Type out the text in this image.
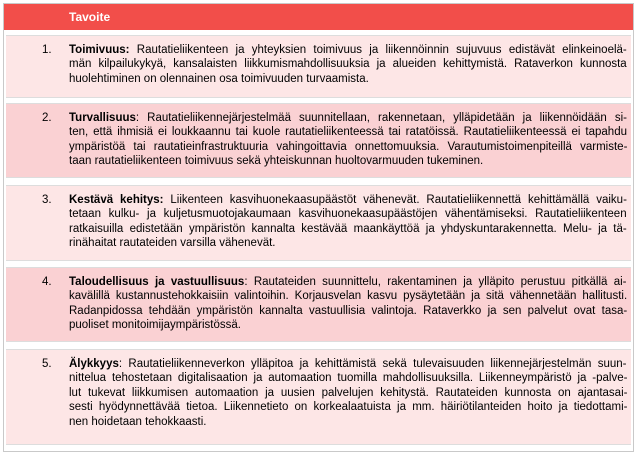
Tavoite
1. Toimivuus: Rautatieliikenteen ja yhteyksien toimivuus ja liikennöinnin sujuvuus edistävät elinkeinoelä-
män kilpailukykyä, kansalaisten liikkumismahdollisuuksia ja alueiden kehittymistä. Rataverkon kunnosta
huolehtiminen on olennainen osa toimivuuden turvaamista.
2. Turvallisuus: Rautatieliikennejärjestelmää suunnitellaan, rakennetaan, ylläpidetään ja liikennöidään si-
ten, että ihmisiä ei loukkaannu tai kuole rautatieliikenteessä tai ratatöissä. Rautatieliikenteessä ei tapahdu
ympäristöä tai rautatieinfrastruktuuria vahingoittavia onnettomuuksia. Varautumistoimenpiteillä varmiste-
taan rautatieliikenteen toimivuus sekä yhteiskunnan huoltovarmuuden tukeminen.
3. Kestävä kehitys: Liikenteen kasvihuonekaasupäästöt vähenevät. Rautatieliikennettä kehittämällä vaiku-
tetaan kulku- ja kuljetusmuotojakaumaan kasvihuonekaasupäästöjen vähentämiseksi. Rautatieliikenteen
ratkaisuilla edistetään ympäristön kannalta kestävää maankäyttöä ja yhdyskuntarakennetta. Melu- ja tä-
rinähaitat rautateiden varsilla vähenevät.
4. Taloudellisuus ja vastuullisuus: Rautateiden suunnittelu, rakentaminen ja ylläpito perustuu pitkällä ai-
kavälillä kustannustehokkaisiin valintoihin. Korjausvelan kasvu pysäytetään ja sitä vähennetään hallitusti.
Radanpidossa tehdään ympäristön kannalta vastuullisia valintoja. Rataverkko ja sen palvelut ovat tasa-
puoliset monitoimijaympäristössä.
5. Älykkyys: Rautatieliikenneverkon ylläpitoa ja kehittämistä sekä tulevaisuuden liikennejärjestelmän suun-
nittelua tehostetaan digitalisaation ja automaation tuomilla mahdollisuuksilla. Liikenneympäristö ja -palve-
lut tukevat liikkumisen automaation ja uusien palvelujen kehitystä. Rautateiden kunnosta on ajantasai-
sesti hyödynnettävää tietoa. Liikennetieto on korkealaatuista ja mm. häiriötilanteiden hoito ja tiedottami-
nen hoidetaan tehokkaasti.
